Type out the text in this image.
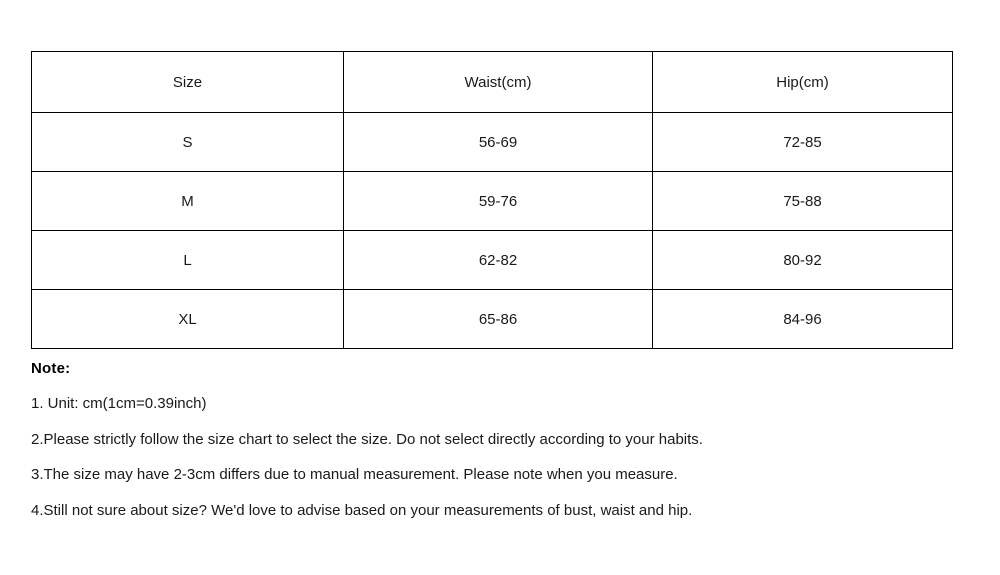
Size	Waist(cm)	Hip(cm)
S	56-69	72-85
M	59-76	75-88
L	62-82	80-92
XL	65-86	84-96

Note:

1. Unit: cm(1cm=0.39inch)

2.Please strictly follow the size chart to select the size. Do not select directly according to your habits.

3.The size may have 2-3cm differs due to manual measurement. Please note when you measure.

4.Still not sure about size? We'd love to advise based on your measurements of bust, waist and hip.
